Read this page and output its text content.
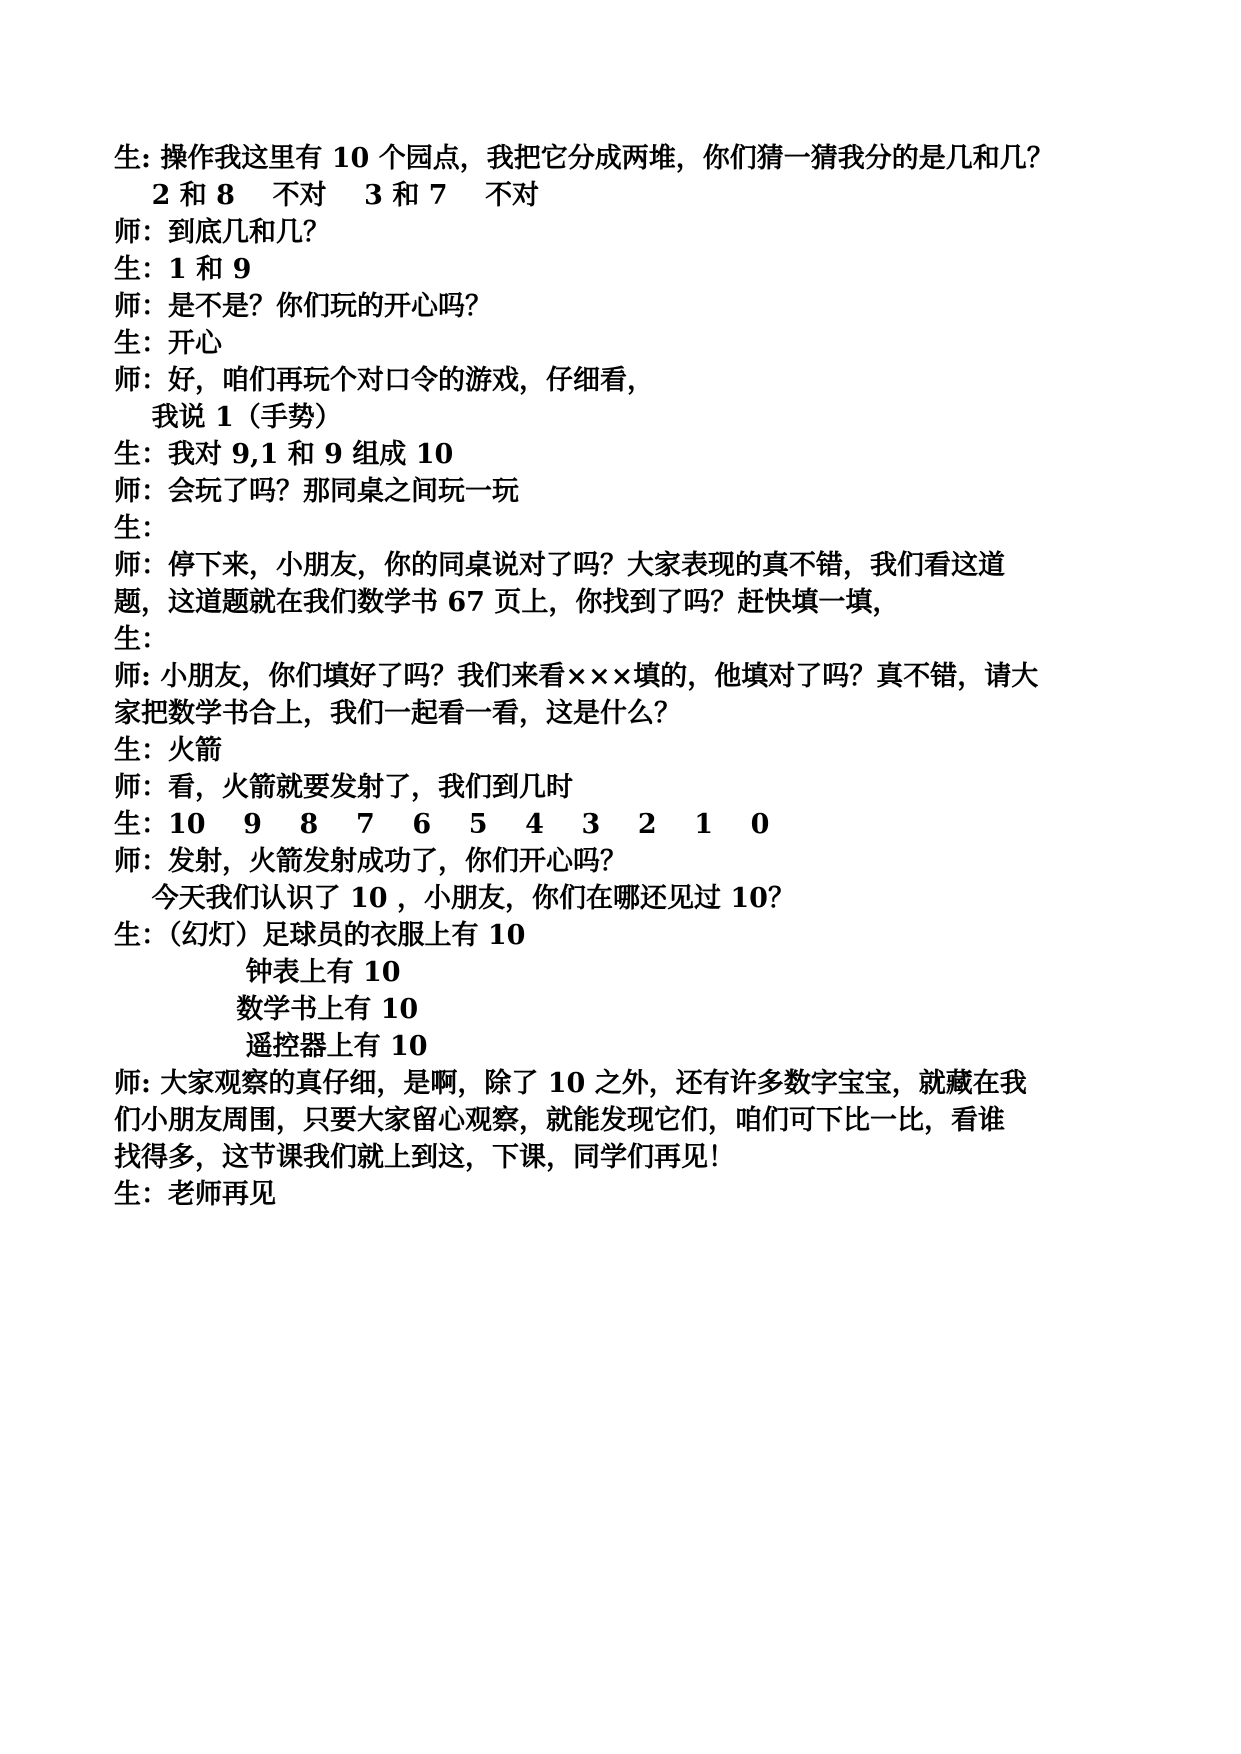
生: 操作我这里有 10 个园点，我把它分成两堆，你们猜一猜我分的是几和几？
2 和 8    不对    3 和 7    不对
师：到底几和几？
生：1 和 9
师：是不是？你们玩的开心吗？
生：开心
师：好，咱们再玩个对口令的游戏，仔细看，
我说 1（手势）
生：我对 9,1 和 9 组成 10
师：会玩了吗？那同桌之间玩一玩
生：
师：停下来，小朋友，你的同桌说对了吗？大家表现的真不错，我们看这道
题，这道题就在我们数学书 67 页上，你找到了吗？赶快填一填，
生：
师: 小朋友，你们填好了吗？我们来看×××填的，他填对了吗？真不错，请大
家把数学书合上，我们一起看一看，这是什么？
生：火箭
师：看，火箭就要发射了，我们到几时
生：10    9    8    7    6    5    4    3    2    1    0
师：发射，火箭发射成功了，你们开心吗？
今天我们认识了 10 ，小朋友，你们在哪还见过 10？
生：（幻灯）足球员的衣服上有 10
钟表上有 10
数学书上有 10
遥控器上有 10
师: 大家观察的真仔细，是啊，除了 10 之外，还有许多数字宝宝，就藏在我
们小朋友周围，只要大家留心观察，就能发现它们，咱们可下比一比，看谁
找得多，这节课我们就上到这，下课，同学们再见！
生：老师再见
